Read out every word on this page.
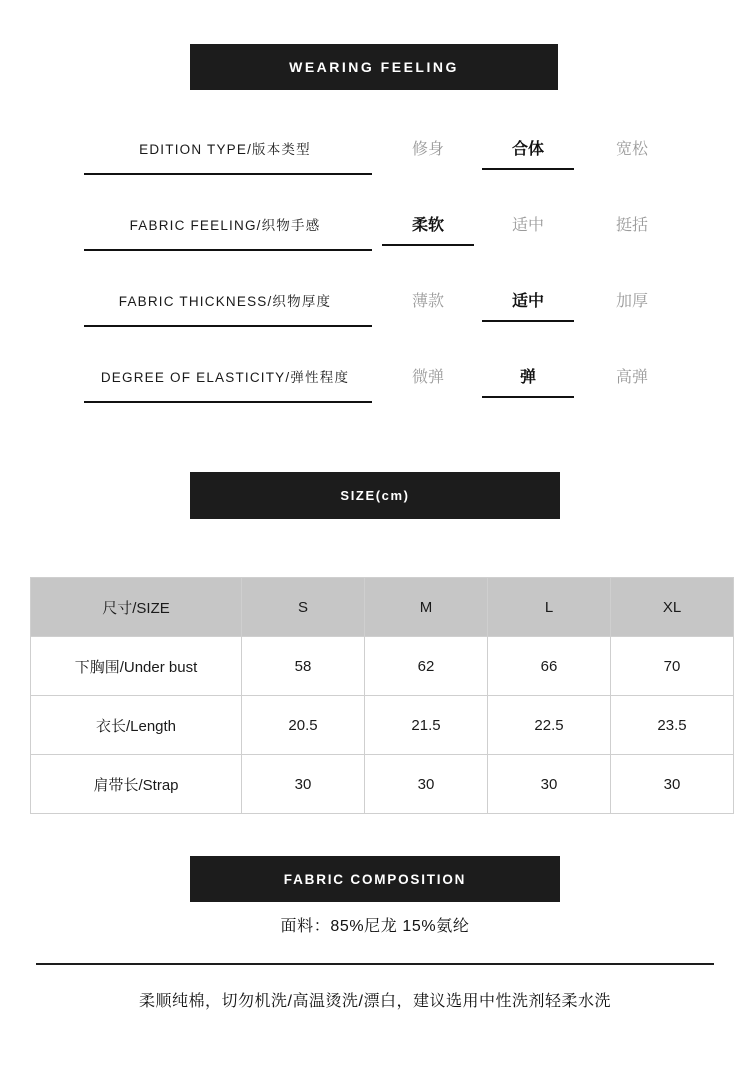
WEARING FEELING
EDITION TYPE/版本类型	修身	合体	宽松
FABRIC FEELING/织物手感	柔软	适中	挺括
FABRIC THICKNESS/织物厚度	薄款	适中	加厚
DEGREE OF ELASTICITY/弹性程度	微弹	弹	高弹
SIZE(cm)
尺寸/SIZE	S	M	L	XL
下胸围/Under bust	58	62	66	70
衣长/Length	20.5	21.5	22.5	23.5
肩带长/Strap	30	30	30	30
FABRIC COMPOSITION
面料：85%尼龙 15%氨纶
柔顺纯棉，切勿机洗/高温烫洗/漂白，建议选用中性洗剂轻柔水洗
